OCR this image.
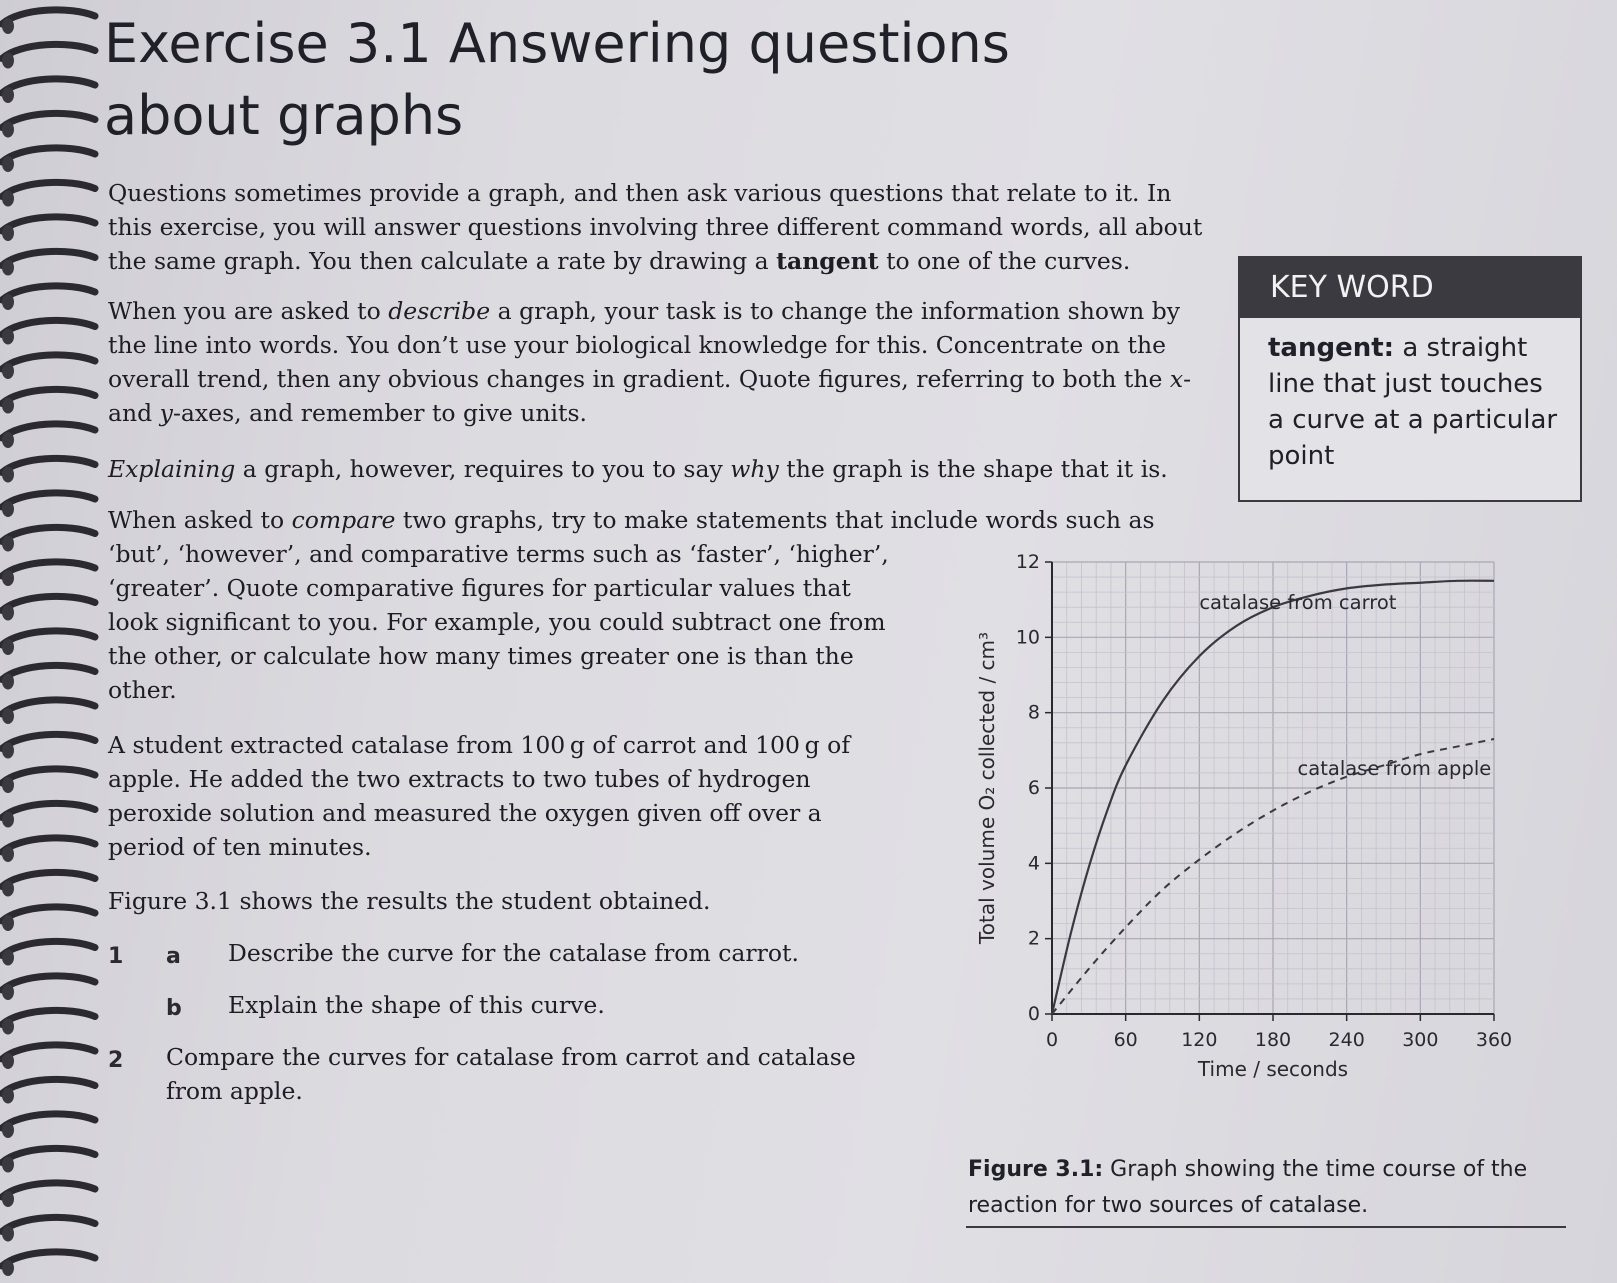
Exercise 3.1 Answering questions about graphs

Questions sometimes provide a graph, and then ask various questions that relate to it. In this exercise, you will answer questions involving three different command words, all about the same graph. You then calculate a rate by drawing a tangent to one of the curves.

When you are asked to describe a graph, your task is to change the information shown by the line into words. You don’t use your biological knowledge for this. Concentrate on the overall trend, then any obvious changes in gradient. Quote figures, referring to both the x- and y-axes, and remember to give units.

Explaining a graph, however, requires to you to say why the graph is the shape that it is.

When asked to compare two graphs, try to make statements that include words such as
‘but’, ‘however’, and comparative terms such as ‘faster’, ‘higher’, ‘greater’. Quote comparative figures for particular values that look significant to you. For example, you could subtract one from the other, or calculate how many times greater one is than the other.

A student extracted catalase from 100 g of carrot and 100 g of apple. He added the two extracts to two tubes of hydrogen peroxide solution and measured the oxygen given off over a period of ten minutes.

Figure 3.1 shows the results the student obtained.

1 a Describe the curve for the catalase from carrot.
b Explain the shape of this curve.
2 Compare the curves for catalase from carrot and catalase from apple.
KEY WORD
tangent: a straight line that just touches a curve at a particular point
0	60 120 180 240 300 360
0
2
4
6
8
10
12
Time / seconds
Total volume O₂ collected / cm³
catalase from carrot
catalase from apple

Figure 3.1: Graph showing the time course of the reaction for two sources of catalase.
